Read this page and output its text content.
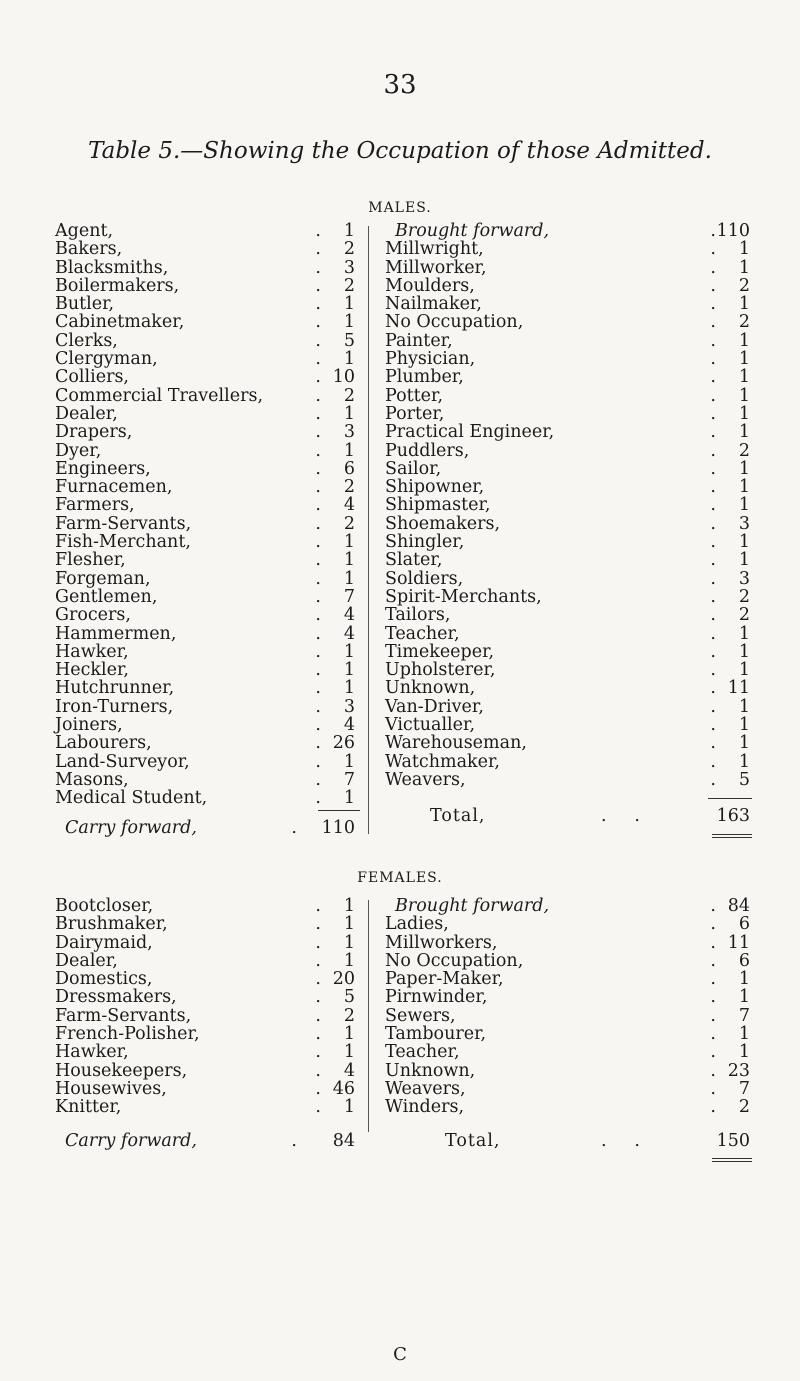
33
Table 5.—Showing the Occupation of those Admitted.
MALES.
Agent,	. 1
Bakers,	. 2
Blacksmiths,	. 3
Boilermakers,	. 2
Butler,	. 1
Cabinetmaker,	. 1
Clerks,	. 5
Clergyman,	. 1
Colliers,	. 10
Commercial Travellers,	. 2
Dealer,	. 1
Drapers,	. 3
Dyer,	. 1
Engineers,	. 6
Furnacemen,	. 2
Farmers,	. 4
Farm-Servants,	. 2
Fish-Merchant,	. 1
Flesher,	. 1
Forgeman,	. 1
Gentlemen,	. 7
Grocers,	. 4
Hammermen,	. 4
Hawker,	. 1
Heckler,	. 1
Hutchrunner,	. 1
Iron-Turners,	. 3
Joiners,	. 4
Labourers,	. 26
Land-Surveyor,	. 1
Masons,	. 7
Medical Student,	. 1
Brought forward,	. 110
Millwright,	. 1
Millworker,	. 1
Moulders,	. 2
Nailmaker,	. 1
No Occupation,	. 2
Painter,	. 1
Physician,	. 1
Plumber,	. 1
Potter,	. 1
Porter,	. 1
Practical Engineer,	. 1
Puddlers,	. 2
Sailor,	. 1
Shipowner,	. 1
Shipmaster,	. 1
Shoemakers,	. 3
Shingler,	. 1
Slater,	. 1
Soldiers,	. 3
Spirit-Merchants,	. 2
Tailors,	. 2
Teacher,	. 1
Timekeeper,	. 1
Upholsterer,	. 1
Unknown,	. 11
Van-Driver,	. 1
Victualler,	. 1
Warehouseman,	. 1
Watchmaker,	. 1
Weavers,	. 5
Carry forward,	. 110
Total,	.     .	163
FEMALES.
Bootcloser,	. 1
Brushmaker,	. 1
Dairymaid,	. 1
Dealer,	. 1
Domestics,	. 20
Dressmakers,	. 5
Farm-Servants,	. 2
French-Polisher,	. 1
Hawker,	. 1
Housekeepers,	. 4
Housewives,	. 46
Knitter,	. 1
Brought forward,	. 84
Ladies,	. 6
Millworkers,	. 11
No Occupation,	. 6
Paper-Maker,	. 1
Pirnwinder,	. 1
Sewers,	. 7
Tambourer,	. 1
Teacher,	. 1
Unknown,	. 23
Weavers,	. 7
Winders,	. 2
Carry forward,	. 84	Total,	.     .	150
C
